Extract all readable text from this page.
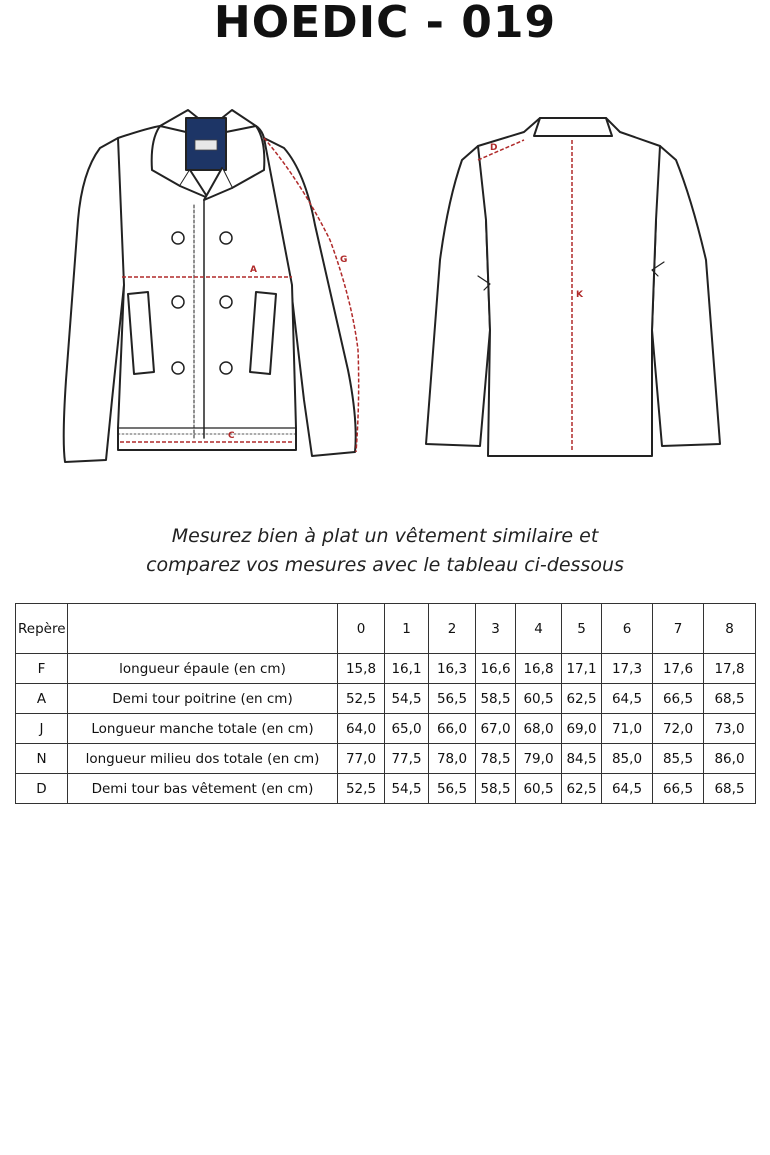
HOEDIC - 019
A
C
G
D
K
Mesurez bien à plat un vêtement similaire et
comparez vos mesures avec le tableau ci-dessous
Repère		0	1	2	3	4	5	6	7	8
F	longueur épaule (en cm)	15,8	16,1	16,3	16,6	16,8	17,1	17,3	17,6	17,8
A	Demi tour poitrine (en cm)	52,5	54,5	56,5	58,5	60,5	62,5	64,5	66,5	68,5
J	Longueur manche totale (en cm)	64,0	65,0	66,0	67,0	68,0	69,0	71,0	72,0	73,0
N	longueur milieu dos totale (en cm)	77,0	77,5	78,0	78,5	79,0	84,5	85,0	85,5	86,0
D	Demi tour bas vêtement (en cm)	52,5	54,5	56,5	58,5	60,5	62,5	64,5	66,5	68,5
